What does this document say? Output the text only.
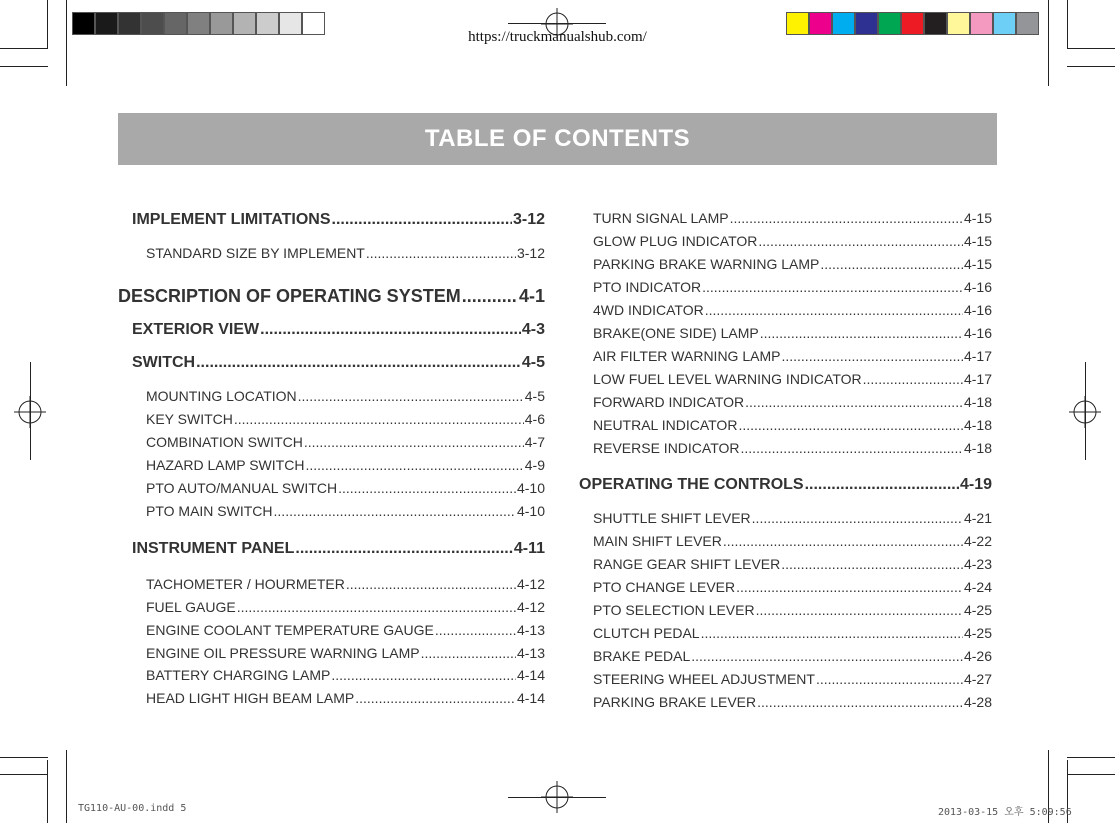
https://truckmanualshub.com/
TABLE OF CONTENTS
IMPLEMENT LIMITATIONS .....	3-12
STANDARD SIZE BY IMPLEMENT .....	3-12
DESCRIPTION OF OPERATING SYSTEM .....	4-1
EXTERIOR VIEW .....	4-3
SWITCH .....	4-5
MOUNTING LOCATION .....	4-5
KEY SWITCH .....	4-6
COMBINATION SWITCH .....	4-7
HAZARD LAMP SWITCH .....	4-9
PTO AUTO/MANUAL SWITCH .....	4-10
PTO MAIN SWITCH .....	4-10
INSTRUMENT PANEL .....	4-11
TACHOMETER / HOURMETER .....	4-12
FUEL GAUGE .....	4-12
ENGINE COOLANT TEMPERATURE GAUGE .....	4-13
ENGINE OIL PRESSURE WARNING LAMP .....	4-13
BATTERY CHARGING LAMP .....	4-14
HEAD LIGHT HIGH BEAM LAMP .....	4-14
TURN SIGNAL LAMP .....	4-15
GLOW PLUG INDICATOR .....	4-15
PARKING BRAKE WARNING LAMP .....	4-15
PTO INDICATOR .....	4-16
4WD INDICATOR .....	4-16
BRAKE(ONE SIDE) LAMP .....	4-16
AIR FILTER WARNING LAMP .....	4-17
LOW FUEL LEVEL WARNING INDICATOR .....	4-17
FORWARD INDICATOR .....	4-18
NEUTRAL INDICATOR .....	4-18
REVERSE INDICATOR .....	4-18
OPERATING THE CONTROLS .....	4-19
SHUTTLE SHIFT LEVER .....	4-21
MAIN SHIFT LEVER .....	4-22
RANGE GEAR SHIFT LEVER .....	4-23
PTO CHANGE LEVER .....	4-24
PTO SELECTION LEVER .....	4-25
CLUTCH PEDAL .....	4-25
BRAKE PEDAL .....	4-26
STEERING WHEEL ADJUSTMENT .....	4-27
PARKING BRAKE LEVER .....	4-28
TG110-AU-00.indd 5	2013-03-15 오후 5:09:56
